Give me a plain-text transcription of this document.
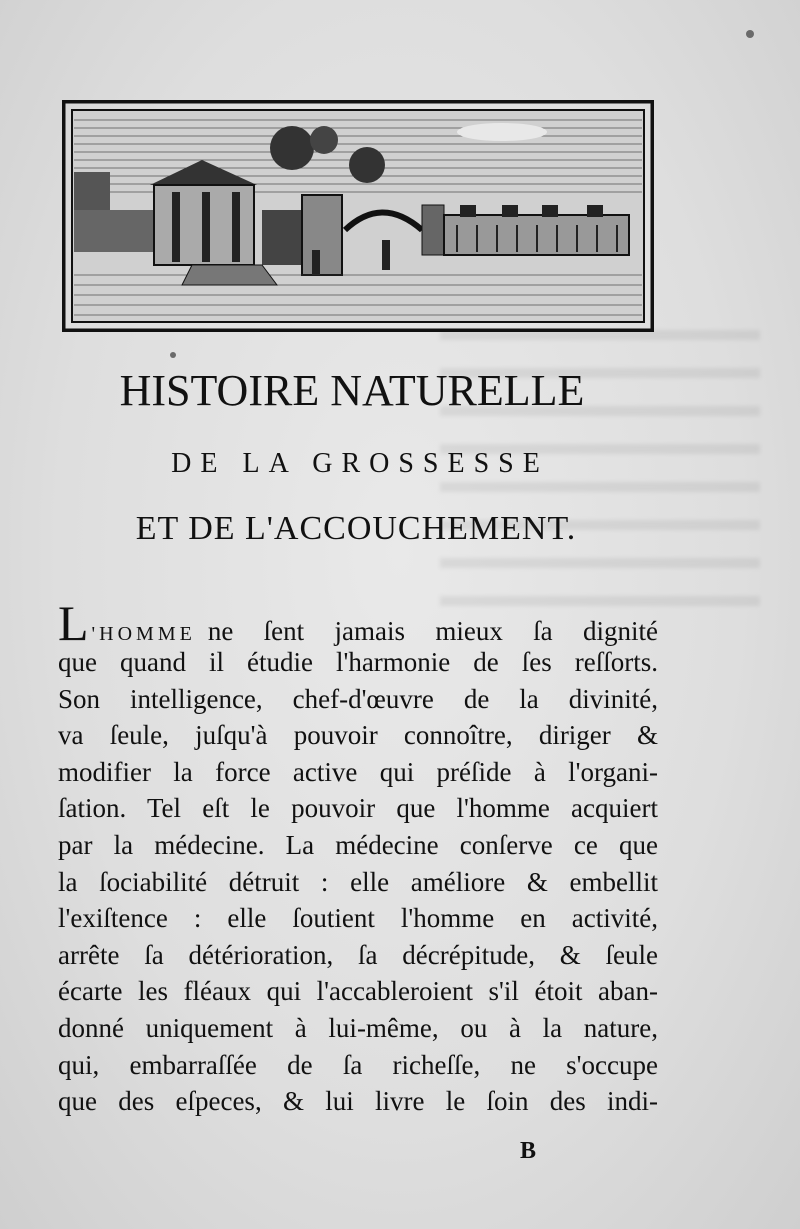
HISTOIRE NATURELLE
DE LA GROSSESSE
ET DE L'ACCOUCHEMENT.
L 'HOMME ne ſent jamais mieux ſa dignité
que quand il étudie l'harmonie de ſes reſſorts.
Son intelligence, chef-d'œuvre de la divinité,
va ſeule, juſqu'à pouvoir connoître, diriger &
modifier la force active qui préſide à l'organi-
ſation. Tel eſt le pouvoir que l'homme acquiert
par la médecine. La médecine conſerve ce que
la ſociabilité détruit : elle améliore & embellit
l'exiſtence : elle ſoutient l'homme en activité,
arrête ſa détérioration, ſa décrépitude, & ſeule
écarte les fléaux qui l'accableroient s'il étoit aban-
donné uniquement à lui-même, ou à la nature,
qui, embarraſſée de ſa richeſſe, ne s'occupe
que des eſpeces, & lui livre le ſoin des indi-
B
